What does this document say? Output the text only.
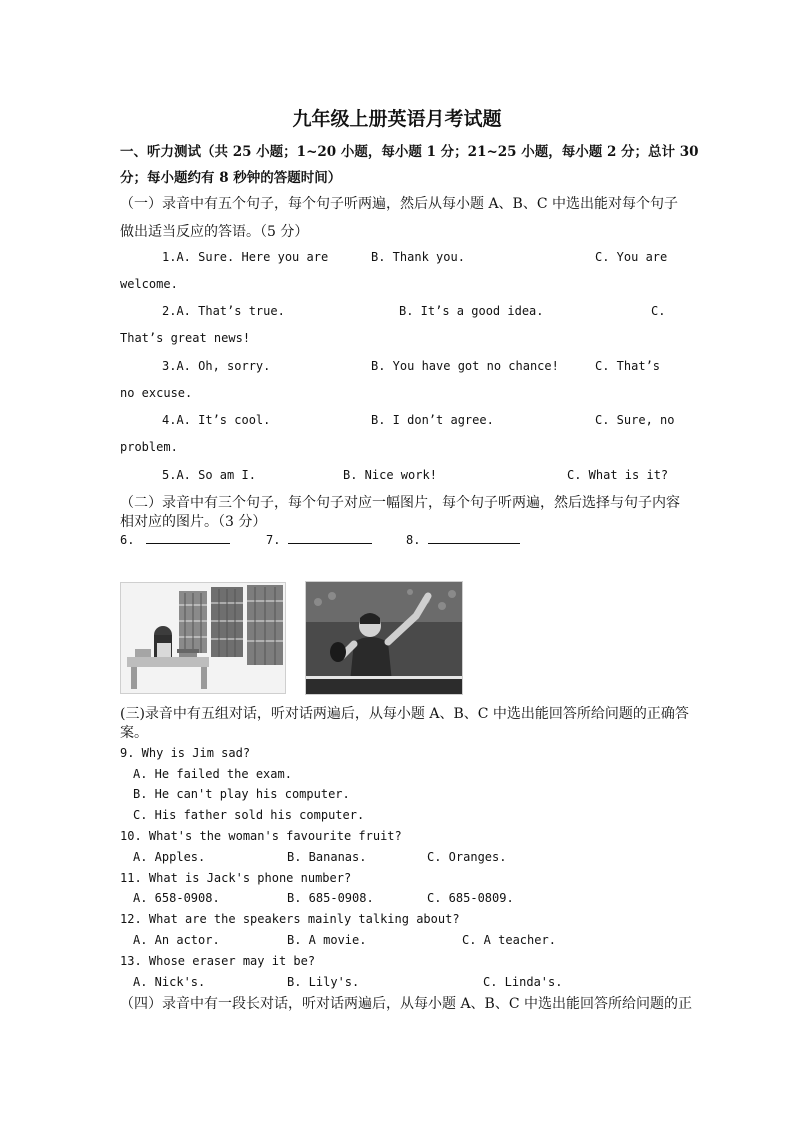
九年级上册英语月考试题
一、听力测试（共 25 小题；1~20 小题，每小题 1 分；21~25 小题，每小题 2 分；总计 30
分；每小题约有 8 秒钟的答题时间）
（一）录音中有五个句子，每个句子听两遍，然后从每小题 A、B、C 中选出能对每个句子
做出适当反应的答语。（5 分）
1.A. Sure. Here you are	B. Thank you.	C. You are
welcome.
2.A. That’s true.	B. It’s a good idea.	C.
That’s great news!
3.A. Oh, sorry.	B. You have got no chance!	C. That’s
no excuse.
4.A. It’s cool.	B. I don’t agree.	C. Sure, no
problem.
5.A. So am I.	B. Nice work!	C. What is it?
（二）录音中有三个句子，每个句子对应一幅图片，每个句子听两遍，然后选择与句子内容
相对应的图片。（3 分）
6.	7.	8.
(三)录音中有五组对话，听对话两遍后，从每小题 A、B、C 中选出能回答所给问题的正确答
案。
9. Why is Jim sad?
A. He failed the exam.
B. He can't play his computer.
C. His father sold his computer.
10. What's the woman's favourite fruit?
A. Apples.	B. Bananas.	C. Oranges.
11. What is Jack's phone number?
A. 658-0908.	B. 685-0908.	C. 685-0809.
12. What are the speakers mainly talking about?
A. An actor.	B. A movie.	C. A teacher.
13. Whose eraser may it be?
A. Nick's.	B. Lily's.	C. Linda's.
（四）录音中有一段长对话，听对话两遍后，从每小题 A、B、C 中选出能回答所给问题的正
